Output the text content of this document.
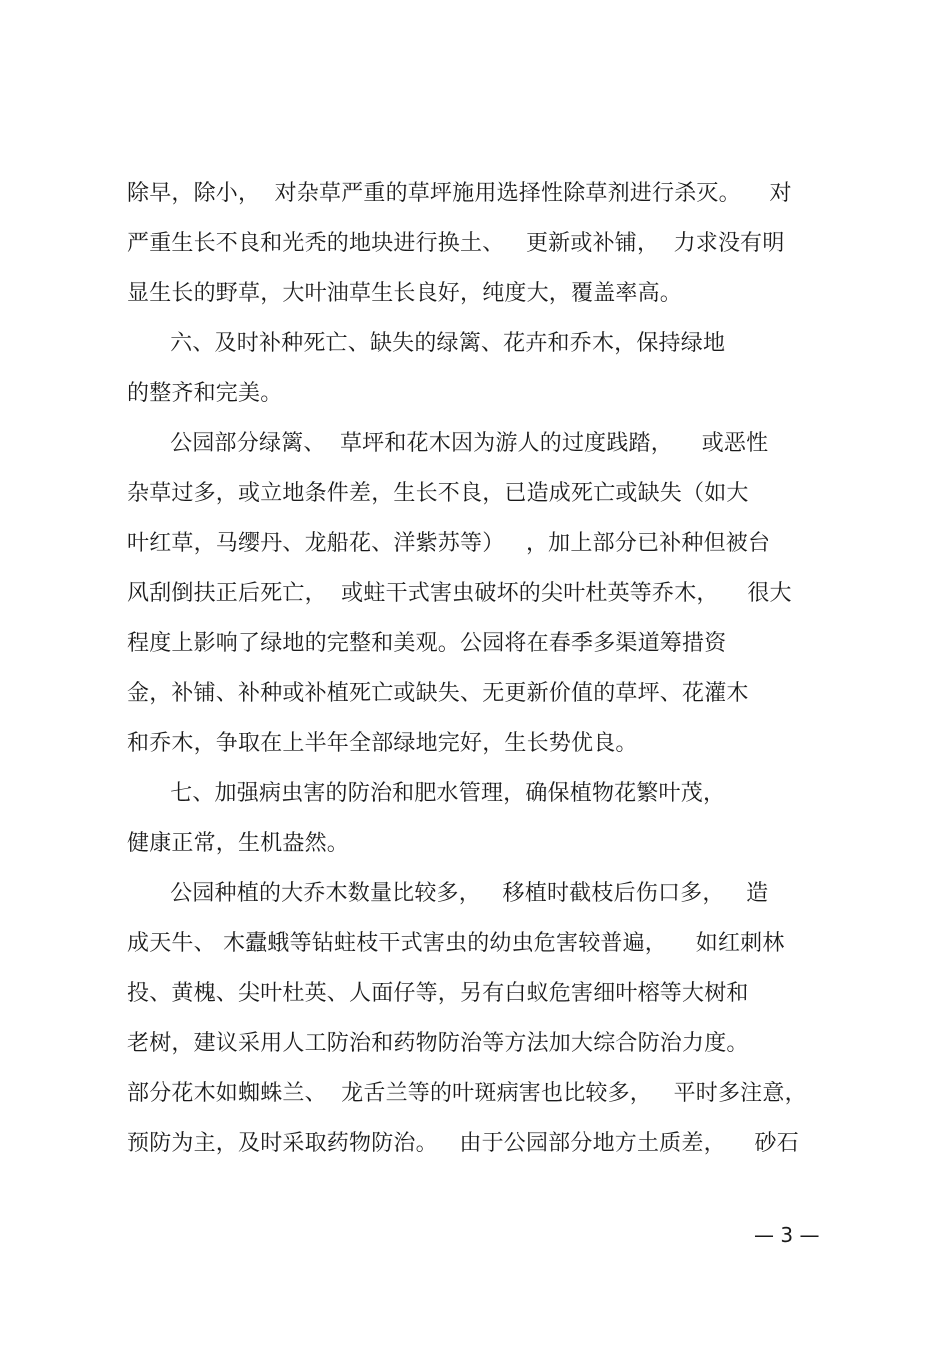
除早，除小，  对杂草严重的草坪施用选择性除草剂进行杀灭。    对
严重生长不良和光秃的地块进行换土、   更新或补铺，  力求没有明
显生长的野草，大叶油草生长良好，纯度大，覆盖率高。
六、及时补种死亡、缺失的绿篱、花卉和乔木，保持绿地
的整齐和完美。
公园部分绿篱、  草坪和花木因为游人的过度践踏，    或恶性
杂草过多，或立地条件差，生长不良，已造成死亡或缺失（如大
叶红草，马缨丹、龙船花、洋紫苏等）   ，加上部分已补种但被台
风刮倒扶正后死亡，  或蛀干式害虫破坏的尖叶杜英等乔木，    很大
程度上影响了绿地的完整和美观。公园将在春季多渠道筹措资
金，补铺、补种或补植死亡或缺失、无更新价值的草坪、花灌木
和乔木，争取在上半年全部绿地完好，生长势优良。
七、加强病虫害的防治和肥水管理，确保植物花繁叶茂，
健康正常，生机盎然。
公园种植的大乔木数量比较多，   移植时截枝后伤口多，   造
成天牛、 木蠹蛾等钻蛀枝干式害虫的幼虫危害较普遍，    如红刺林
投、黄槐、尖叶杜英、人面仔等，另有白蚁危害细叶榕等大树和
老树，建议采用人工防治和药物防治等方法加大综合防治力度。
部分花木如蜘蛛兰、  龙舌兰等的叶斑病害也比较多，   平时多注意，
预防为主，及时采取药物防治。   由于公园部分地方土质差，    砂石
— 3 —
